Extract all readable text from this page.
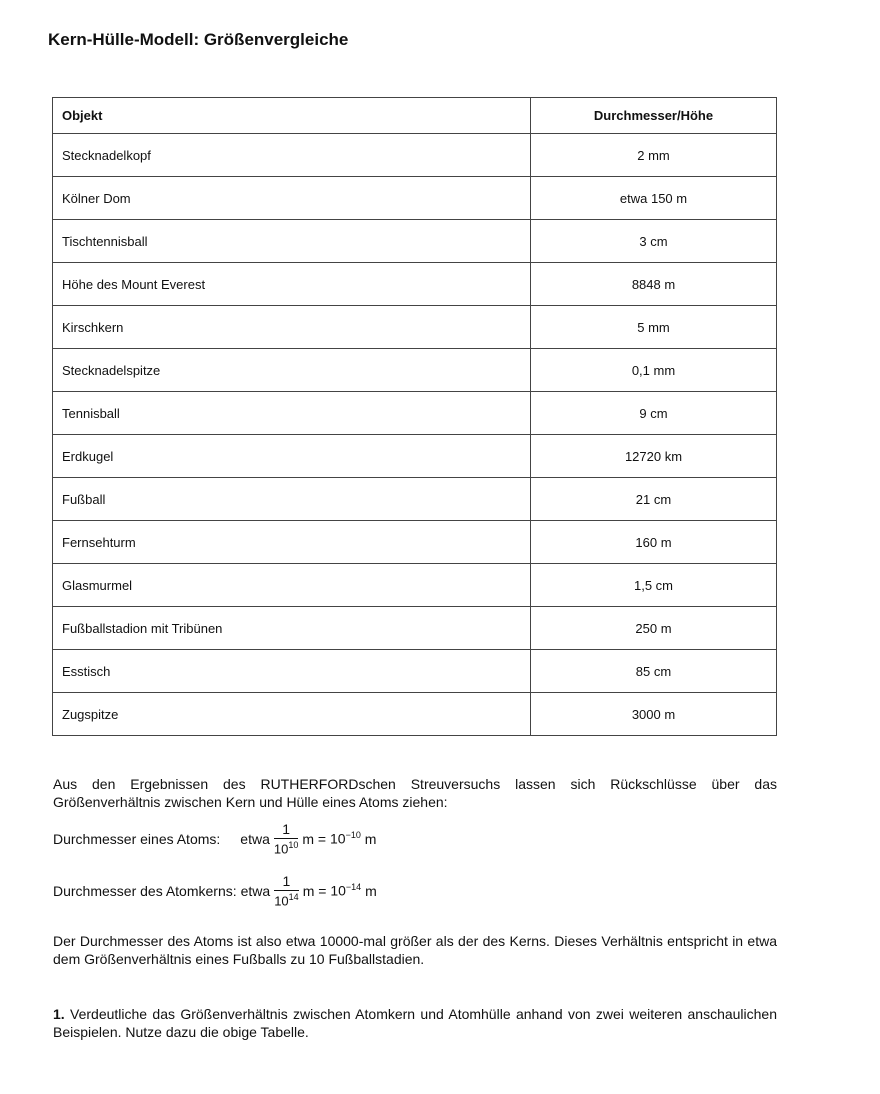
Kern-Hülle-Modell: Größenvergleiche
Objekt	Durchmesser/Höhe
Stecknadelkopf	2 mm
Kölner Dom	etwa 150 m
Tischtennisball	3 cm
Höhe des Mount Everest	8848 m
Kirschkern	5 mm
Stecknadelspitze	0,1 mm
Tennisball	9 cm
Erdkugel	12720 km
Fußball	21 cm
Fernsehturm	160 m
Glasmurmel	1,5 cm
Fußballstadion mit Tribünen	250 m
Esstisch	85 cm
Zugspitze	3000 m

Aus den Ergebnissen des RUTHERFORDschen Streuversuchs lassen sich Rückschlüsse über das Größenverhältnis zwischen Kern und Hülle eines Atoms ziehen:

Durchmesser eines Atoms: etwa $\frac{1}{10^{10}}$ m =
$10^{-10}$
m
Durchmesser des Atomkerns: etwa $\frac{1}{10^{14}}$ m =
$10^{-14}$
m

Der Durchmesser des Atoms ist also etwa 10000-mal größer als der des Kerns. Dieses Verhältnis entspricht in etwa dem Größenverhältnis eines Fußballs zu 10 Fußballstadien.

1. Verdeutliche das Größenverhältnis zwischen Atomkern und Atomhülle anhand von zwei weiteren anschaulichen Beispielen. Nutze dazu die obige Tabelle.
